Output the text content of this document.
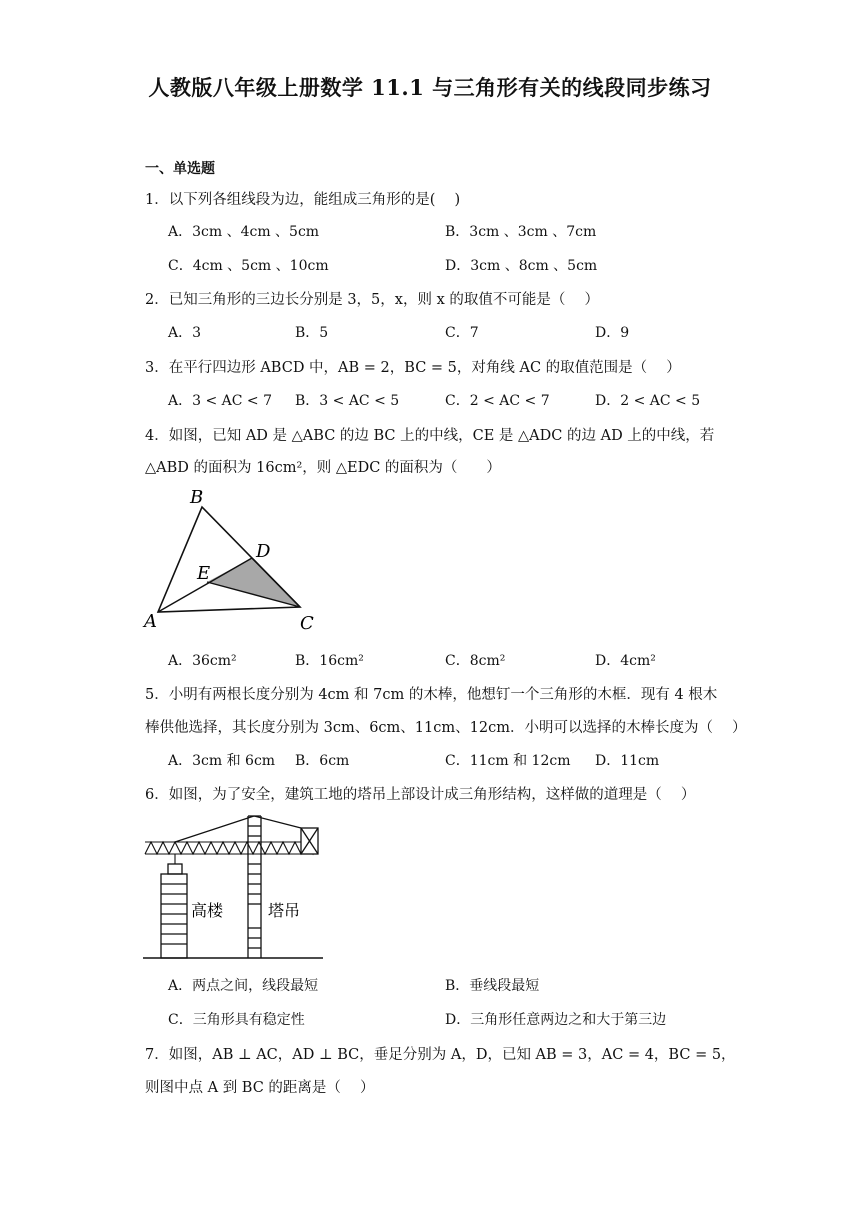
人教版八年级上册数学 11.1 与三角形有关的线段同步练习
一、单选题
1．以下列各组线段为边，能组成三角形的是(　 )
A．3cm 、4cm 、5cm	B．3cm 、3cm 、7cm
C．4cm 、5cm 、10cm	D．3cm 、8cm 、5cm
2．已知三角形的三边长分别是 3，5，x，则 x 的取值不可能是（　 ）
A．3	B．5	C．7	D．9
3．在平行四边形 ABCD 中，AB = 2，BC = 5，对角线 AC 的取值范围是（　 ）
A．3 < AC < 7 B．3 < AC < 5	C．2 < AC < 7	D．2 < AC < 5
4．如图，已知 AD 是 △ABC 的边 BC 上的中线，CE 是 △ADC 的边 AD 上的中线，若
△ABD 的面积为 16cm²，则 △EDC 的面积为（　　）
B
D
E
A	C
A．36cm²	B．16cm²	C．8cm²	D．4cm²
5．小明有两根长度分别为 4cm 和 7cm 的木棒，他想钉一个三角形的木框．现有 4 根木
棒供他选择，其长度分别为 3cm、6cm、11cm、12cm．小明可以选择的木棒长度为（　 ）
A．3cm 和 6cm B．6cm	C．11cm 和 12cm D．11cm
6．如图，为了安全，建筑工地的塔吊上部设计成三角形结构，这样做的道理是（　 ）
高楼	塔吊
A．两点之间，线段最短	B．垂线段最短
C．三角形具有稳定性	D．三角形任意两边之和大于第三边
7．如图，AB ⊥ AC，AD ⊥ BC，垂足分别为 A，D，已知 AB = 3，AC = 4，BC = 5，
则图中点 A 到 BC 的距离是（　 ）
